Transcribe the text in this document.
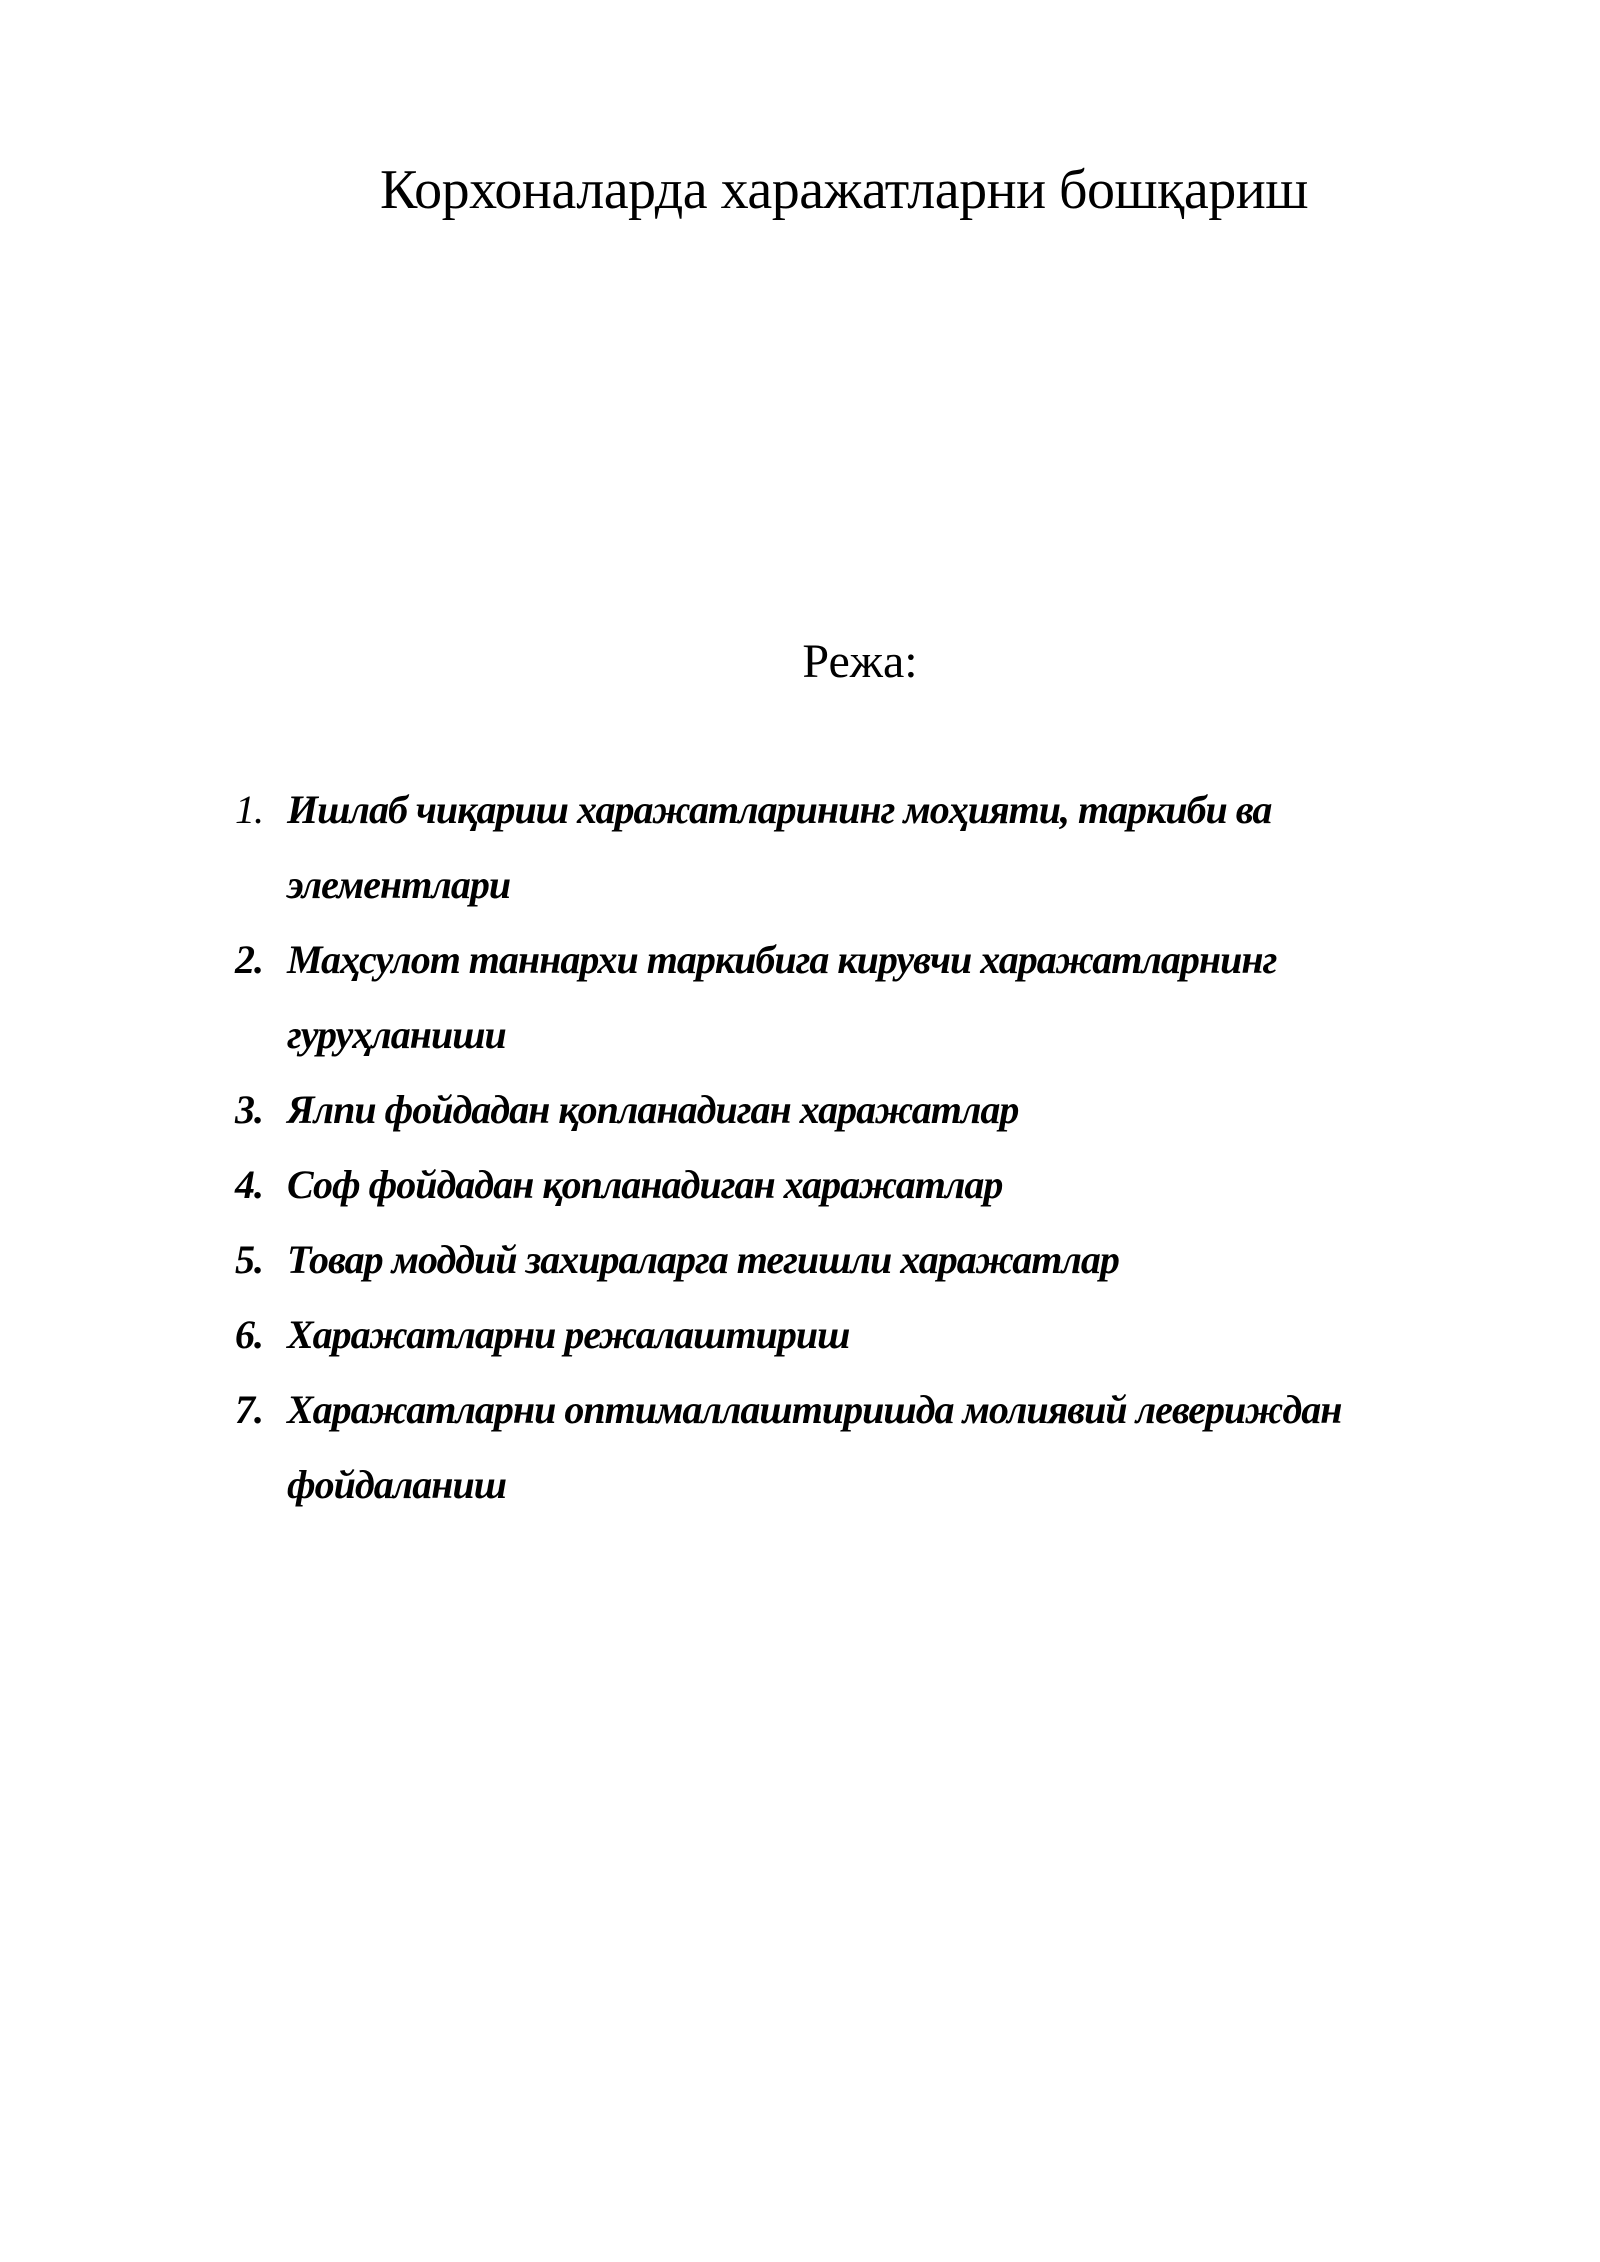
Корхоналарда харажатларни бошқариш
Режа:
1. Ишлаб чиқариш харажатларининг моҳияти, таркиби ва элементлари
2. Маҳсулот таннархи таркибига кирувчи харажатларнинг гуруҳланиши
3. Ялпи фойдадан қопланадиган харажатлар
4. Соф фойдадан қопланадиган харажатлар
5. Товар моддий захираларга тегишли харажатлар
6. Харажатларни режалаштириш
7. Харажатларни оптималлаштиришда молиявий левериждан фойдаланиш
